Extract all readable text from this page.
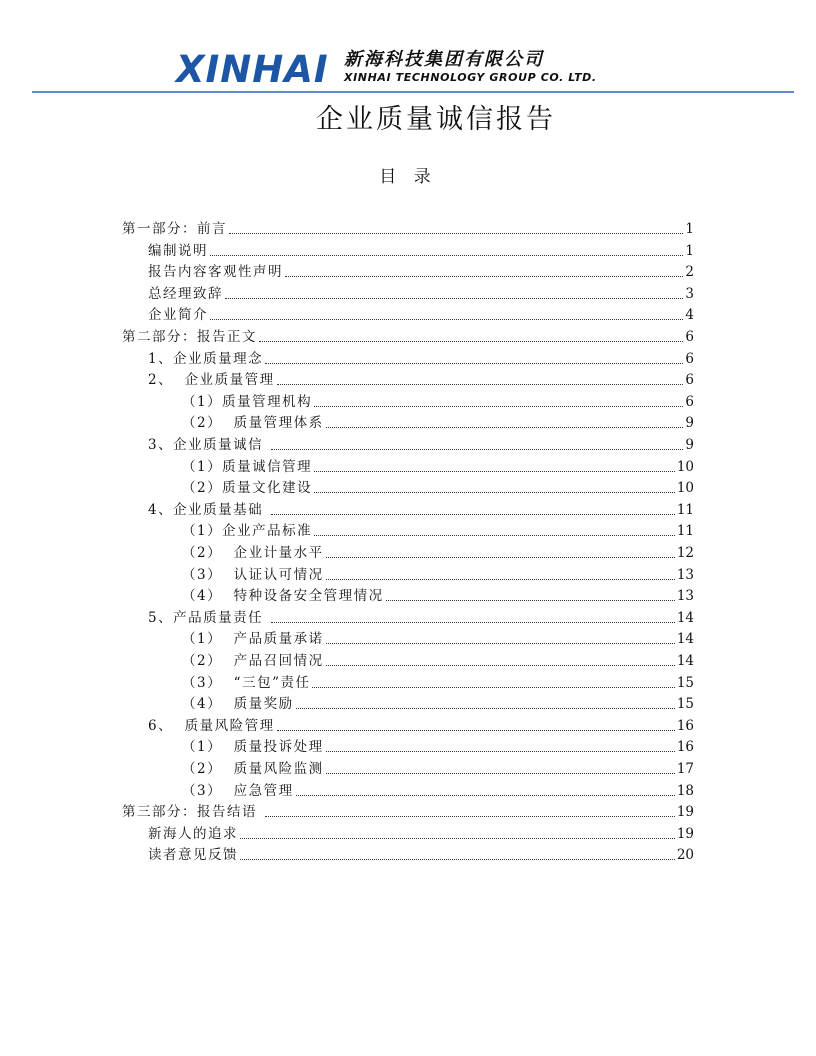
XINHAI 新海科技集团有限公司
XINHAI TECHNOLOGY GROUP CO. LTD.
企业质量诚信报告
目 录
第一部分：前言	1
编制说明	1
报告内容客观性声明	2
总经理致辞	3
企业简介	4
第二部分：报告正文	6
1、企业质量理念	6
2、  企业质量管理	6
（1）质量管理机构	6
（2）  质量管理体系	9
3、企业质量诚信	9
（1）质量诚信管理	10
（2）质量文化建设	10
4、企业质量基础	11
（1）企业产品标准	11
（2）  企业计量水平	12
（3）  认证认可情况	13
（4）  特种设备安全管理情况	13
5、产品质量责任	14
（1）  产品质量承诺	14
（2）  产品召回情况	14
（3）  “三包”责任	15
（4）  质量奖励	15
6、  质量风险管理	16
（1）  质量投诉处理	16
（2）  质量风险监测	17
（3）  应急管理	18
第三部分：报告结语	19
新海人的追求	19
读者意见反馈	20
